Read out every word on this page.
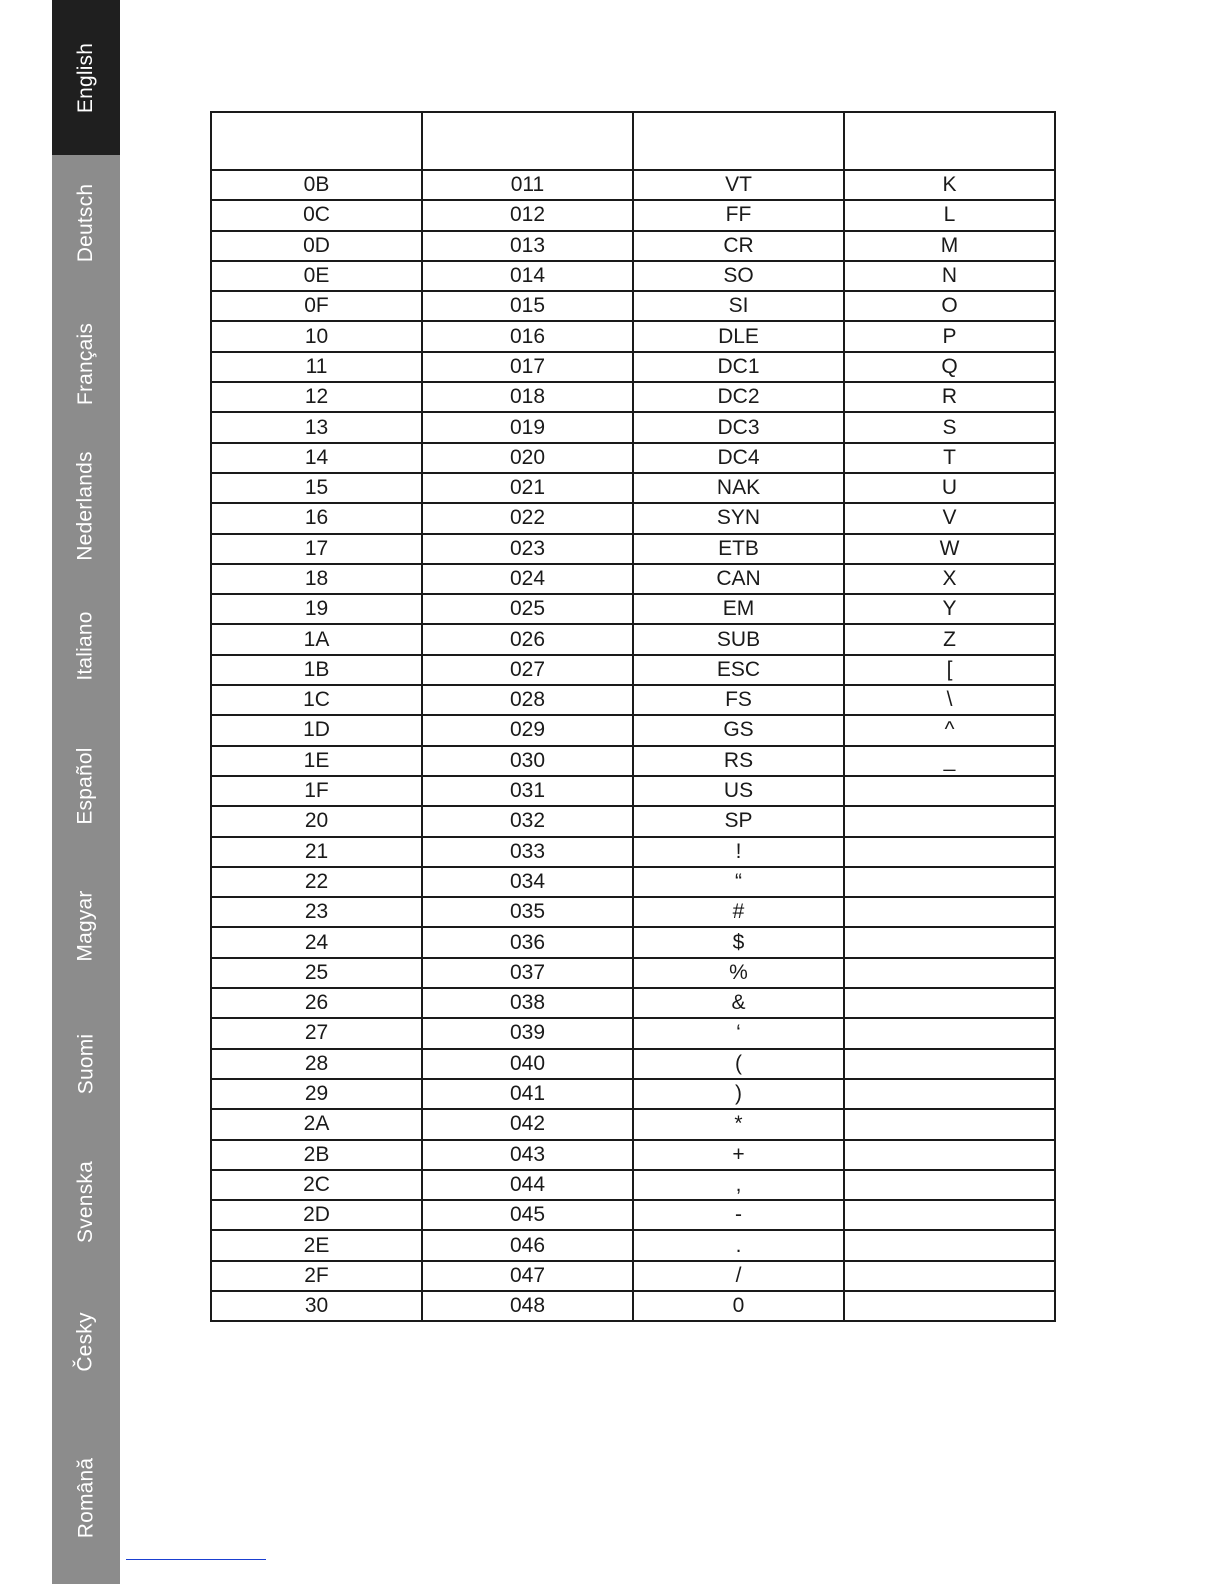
English
Deutsch
Français
Nederlands
Italiano
Español
Magyar
Suomi
Svenska
Česky
Română

0B	011	VT	K
0C	012	FF	L
0D	013	CR	M
0E	014	SO	N
0F	015	SI	O
10	016	DLE	P
11	017	DC1	Q
12	018	DC2	R
13	019	DC3	S
14	020	DC4	T
15	021	NAK	U
16	022	SYN	V
17	023	ETB	W
18	024	CAN	X
19	025	EM	Y
1A	026	SUB	Z
1B	027	ESC	[
1C	028	FS	\
1D	029	GS	^
1E	030	RS	_
1F	031	US	
20	032	SP	
21	033	!	
22	034	“	
23	035	#	
24	036	$	
25	037	%	
26	038	&	
27	039	‘	
28	040	(	
29	041	)	
2A	042	*	
2B	043	+	
2C	044	,	
2D	045	-	
2E	046	.	
2F	047	/	
30	048	0	
